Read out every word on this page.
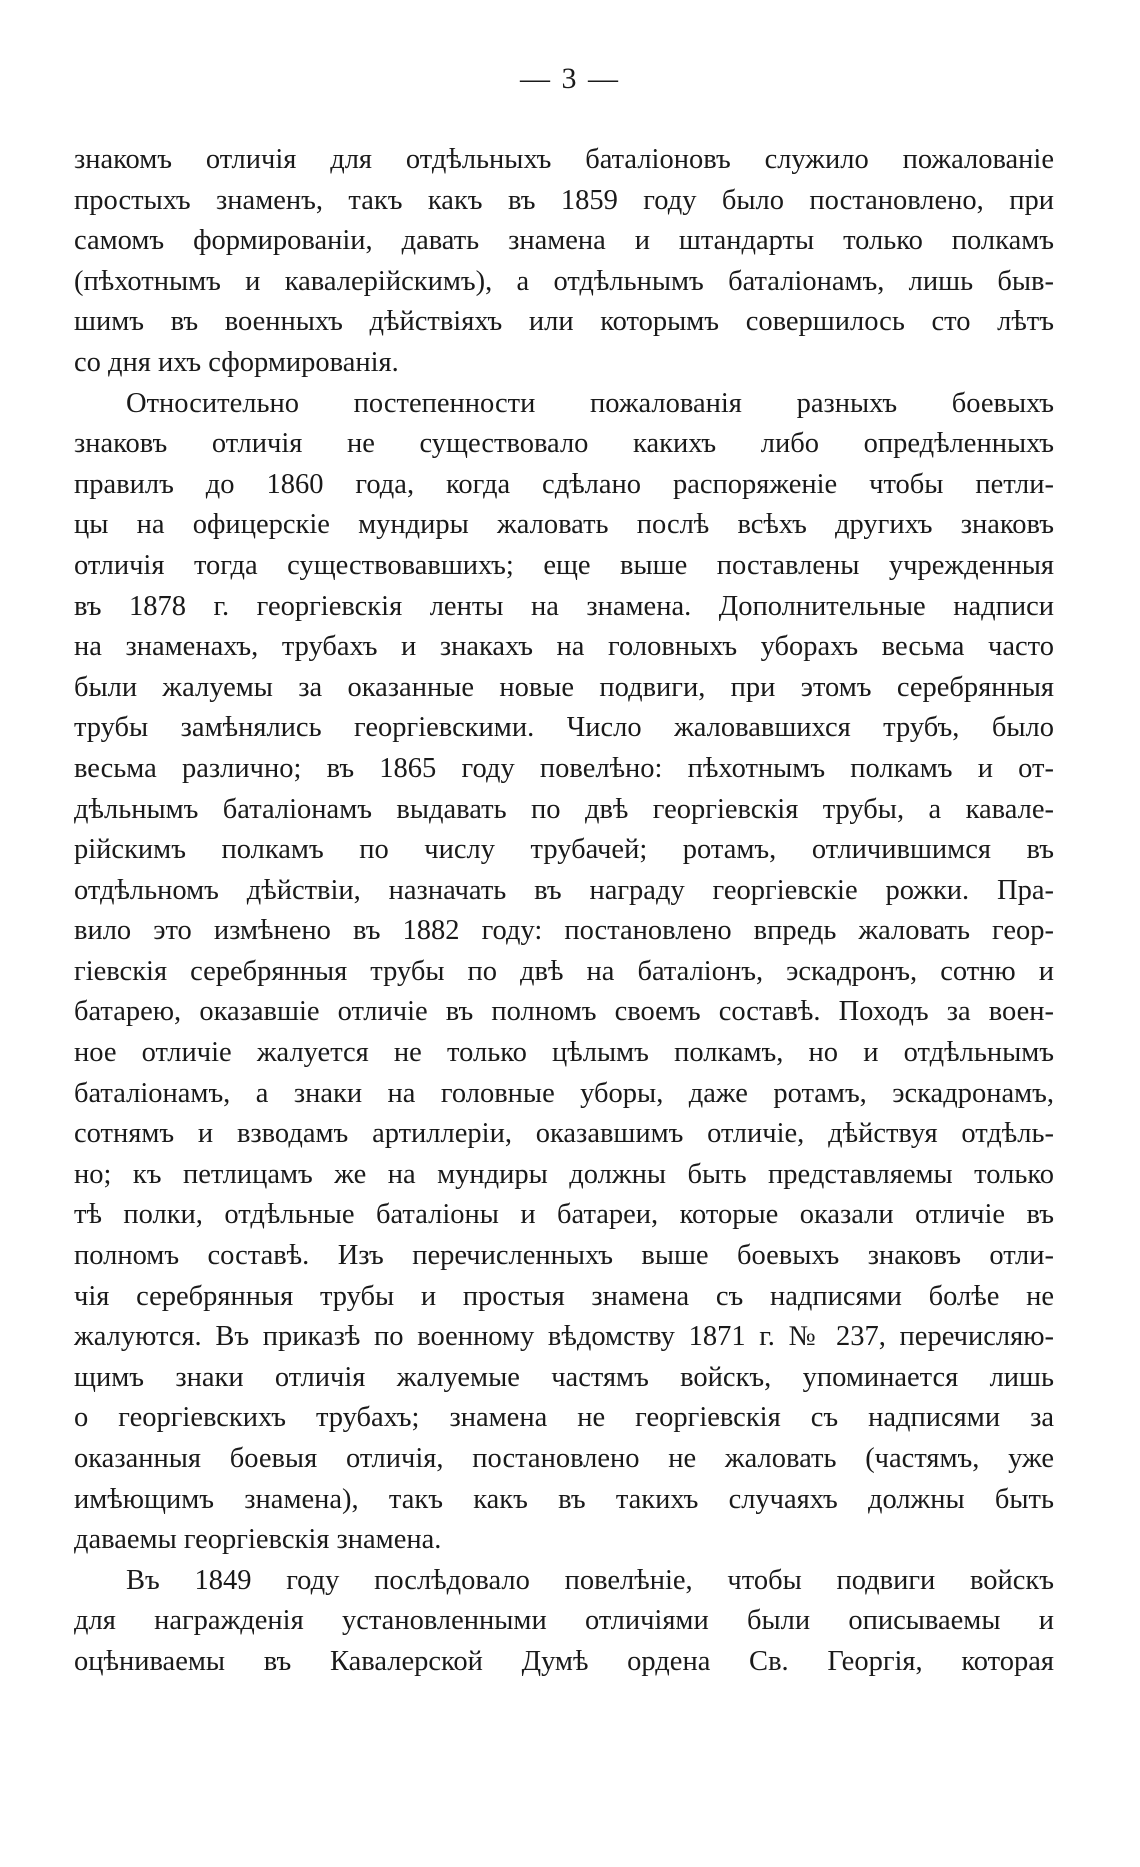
— 3 —
знакомъ отличія для отдѣльныхъ баталіоновъ служило пожалованіе
простыхъ знаменъ, такъ какъ въ 1859 году было постановлено, при
самомъ формированіи, давать знамена и штандарты только полкамъ
(пѣхотнымъ и кавалерійскимъ), а отдѣльнымъ баталіонамъ, лишь быв-
шимъ въ военныхъ дѣйствіяхъ или которымъ совершилось сто лѣтъ
со дня ихъ сформированія.
Относительно постепенности пожалованія разныхъ боевыхъ
знаковъ отличія не существовало какихъ либо опредѣленныхъ
правилъ до 1860 года, когда сдѣлано распоряженіе чтобы петли-
цы на офицерскіе мундиры жаловать послѣ всѣхъ другихъ знаковъ
отличія тогда существовавшихъ; еще выше поставлены учрежденныя
въ 1878 г. георгіевскія ленты на знамена. Дополнительные надписи
на знаменахъ, трубахъ и знакахъ на головныхъ уборахъ весьма часто
были жалуемы за оказанные новые подвиги, при этомъ серебрянныя
трубы замѣнялись георгіевскими. Число жаловавшихся трубъ, было
весьма различно; въ 1865 году повелѣно: пѣхотнымъ полкамъ и от-
дѣльнымъ баталіонамъ выдавать по двѣ георгіевскія трубы, а кавале-
рійскимъ полкамъ по числу трубачей; ротамъ, отличившимся въ
отдѣльномъ дѣйствіи, назначать въ награду георгіевскіе рожки. Пра-
вило это измѣнено въ 1882 году: постановлено впредь жаловать геор-
гіевскія серебрянныя трубы по двѣ на баталіонъ, эскадронъ, сотню и
батарею, оказавшіе отличіе въ полномъ своемъ составѣ. Походъ за воен-
ное отличіе жалуется не только цѣлымъ полкамъ, но и отдѣльнымъ
баталіонамъ, а знаки на головные уборы, даже ротамъ, эскадронамъ,
сотнямъ и взводамъ артиллеріи, оказавшимъ отличіе, дѣйствуя отдѣль-
но; къ петлицамъ же на мундиры должны быть представляемы только
тѣ полки, отдѣльные баталіоны и батареи, которые оказали отличіе въ
полномъ составѣ. Изъ перечисленныхъ выше боевыхъ знаковъ отли-
чія серебрянныя трубы и простыя знамена съ надписями болѣе не
жалуются. Въ приказѣ по военному вѣдомству 1871 г. № 237, перечисляю-
щимъ знаки отличія жалуемые частямъ войскъ, упоминается лишь
о георгіевскихъ трубахъ; знамена не георгіевскія съ надписями за
оказанныя боевыя отличія, постановлено не жаловать (частямъ, уже
имѣющимъ знамена), такъ какъ въ такихъ случаяхъ должны быть
даваемы георгіевскія знамена.
Въ 1849 году послѣдовало повелѣніе, чтобы подвиги войскъ
для награжденія установленными отличіями были описываемы и
оцѣниваемы въ Кавалерской Думѣ ордена Св. Георгія, которая
